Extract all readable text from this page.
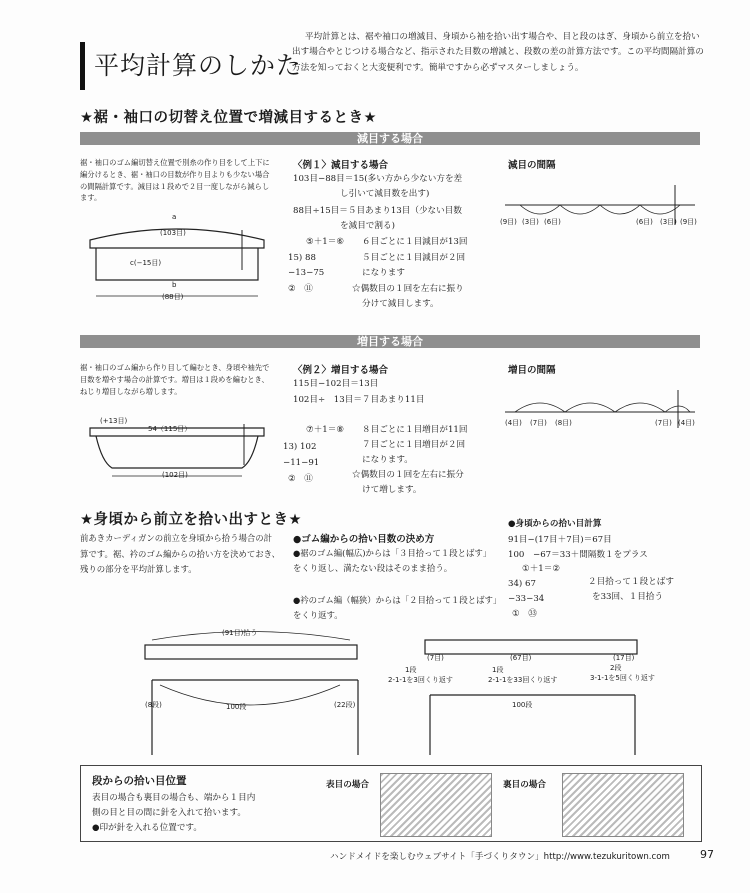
平均計算のしかた
平均計算とは、裾や袖口の増減目、身頃から袖を拾い出す場合や、目と段のはぎ、身頃から前立を拾い出す場合やとじつける場合など、指示された目数の増減と、段数の差の計算方法です。この平均間隔計算の方法を知っておくと大変便利です。簡単ですから必ずマスターしましょう。
★裾・袖口の切替え位置で増減目するとき★
減目する場合
裾・袖口のゴム編切替え位置で別糸の作り目をして上下に編分けるとき、裾・袖口の目数が作り目よりも少ない場合の間隔計算です。減目は１段めで２目一度しながら減らします。
a
(103目)
c(−15目)
b
(88目)
〈例１〉減目する場合
103目−88目＝15(多い方から少ない方を差
し引いて減目数を出す)
88目÷15目＝５目あまり13目（少ない目数
を減目で割る)
⑤＋1＝⑥
15) 88
−13−75
②　⑪
６目ごとに１目減目が13回
５目ごとに１目減目が２回
になります
☆偶数目の１回を左右に振り
分けて減目します。
減目の間隔
(9目) (3目) (6目)	(6目) (3目) (9目)
増目する場合
裾・袖口のゴム編から作り目して編むとき、身頃や袖先で目数を増やす場合の計算です。増目は１段めを編むとき、ねじり増目しながら増します。
(+13目)
54（115目）
(102目)
〈例２〉増目する場合
115目−102目＝13目
102目÷　13目＝７目あまり11目
⑦＋1＝⑧
13) 102
−11−91
②　⑪
８目ごとに１目増目が11回
７目ごとに１目増目が２回
になります。
☆偶数目の１回を左右に振分
けて増します。
増目の間隔
(4目) (7目) (8目)	(7目) (4目)
★身頃から前立を拾い出すとき★
前あきカーディガンの前立を身頃から拾う場合の計算です。裾、衿のゴム編からの拾い方を決めておき、残りの部分を平均計算します。
●ゴム編からの拾い目数の決め方
●裾のゴム編(幅広)からは「３目拾って１段とばす」をくり返し、満たない段はそのまま拾う。
●衿のゴム編（幅狭）からは「２目拾って１段とばす」をくり返す。
●身頃からの拾い目計算
91目−(17目＋7目)＝67目
100　−67＝33＋間隔数１をプラス
①＋1＝②
34) 67
−33−34
①　㉝
２目拾って１段とばす
を33回、１目拾う
(91目)拾う
100段
(8段)	(22段)
(7目)	(67目)	(17目)
1段
2-1-1を3回くり返す
1段
2-1-1を33回くり返す
2段
3-1-1を5回くり返す
100段
段からの拾い目位置
表目の場合も裏目の場合も、端から１目内
側の目と目の間に針を入れて拾います。
●印が針を入れる位置です。
表目の場合	裏目の場合
ハンドメイドを楽しむウェブサイト「手づくりタウン」http://www.tezukuritown.com	97
